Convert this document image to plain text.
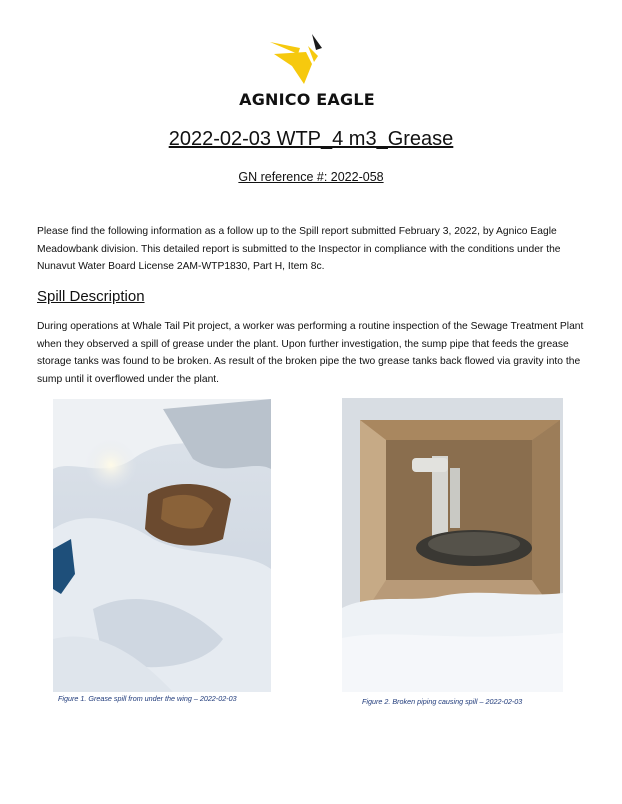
AGNICO EAGLE
2022-02-03 WTP_4 m3_Grease
GN reference #: 2022-058
Please find the following information as a follow up to the Spill report submitted February 3, 2022, by Agnico Eagle Meadowbank division. This detailed report is submitted to the Inspector in compliance with the conditions under the Nunavut Water Board License 2AM-WTP1830, Part H, Item 8c.
Spill Description
During operations at Whale Tail Pit project, a worker was performing a routine inspection of the Sewage Treatment Plant when they observed a spill of grease under the plant. Upon further investigation, the sump pipe that feeds the grease storage tanks was found to be broken. As result of the broken pipe the two grease tanks back flowed via gravity into the sump until it overflowed under the plant.
Figure 1. Grease spill from under the wing – 2022-02-03	Figure 2. Broken piping causing spill – 2022-02-03
